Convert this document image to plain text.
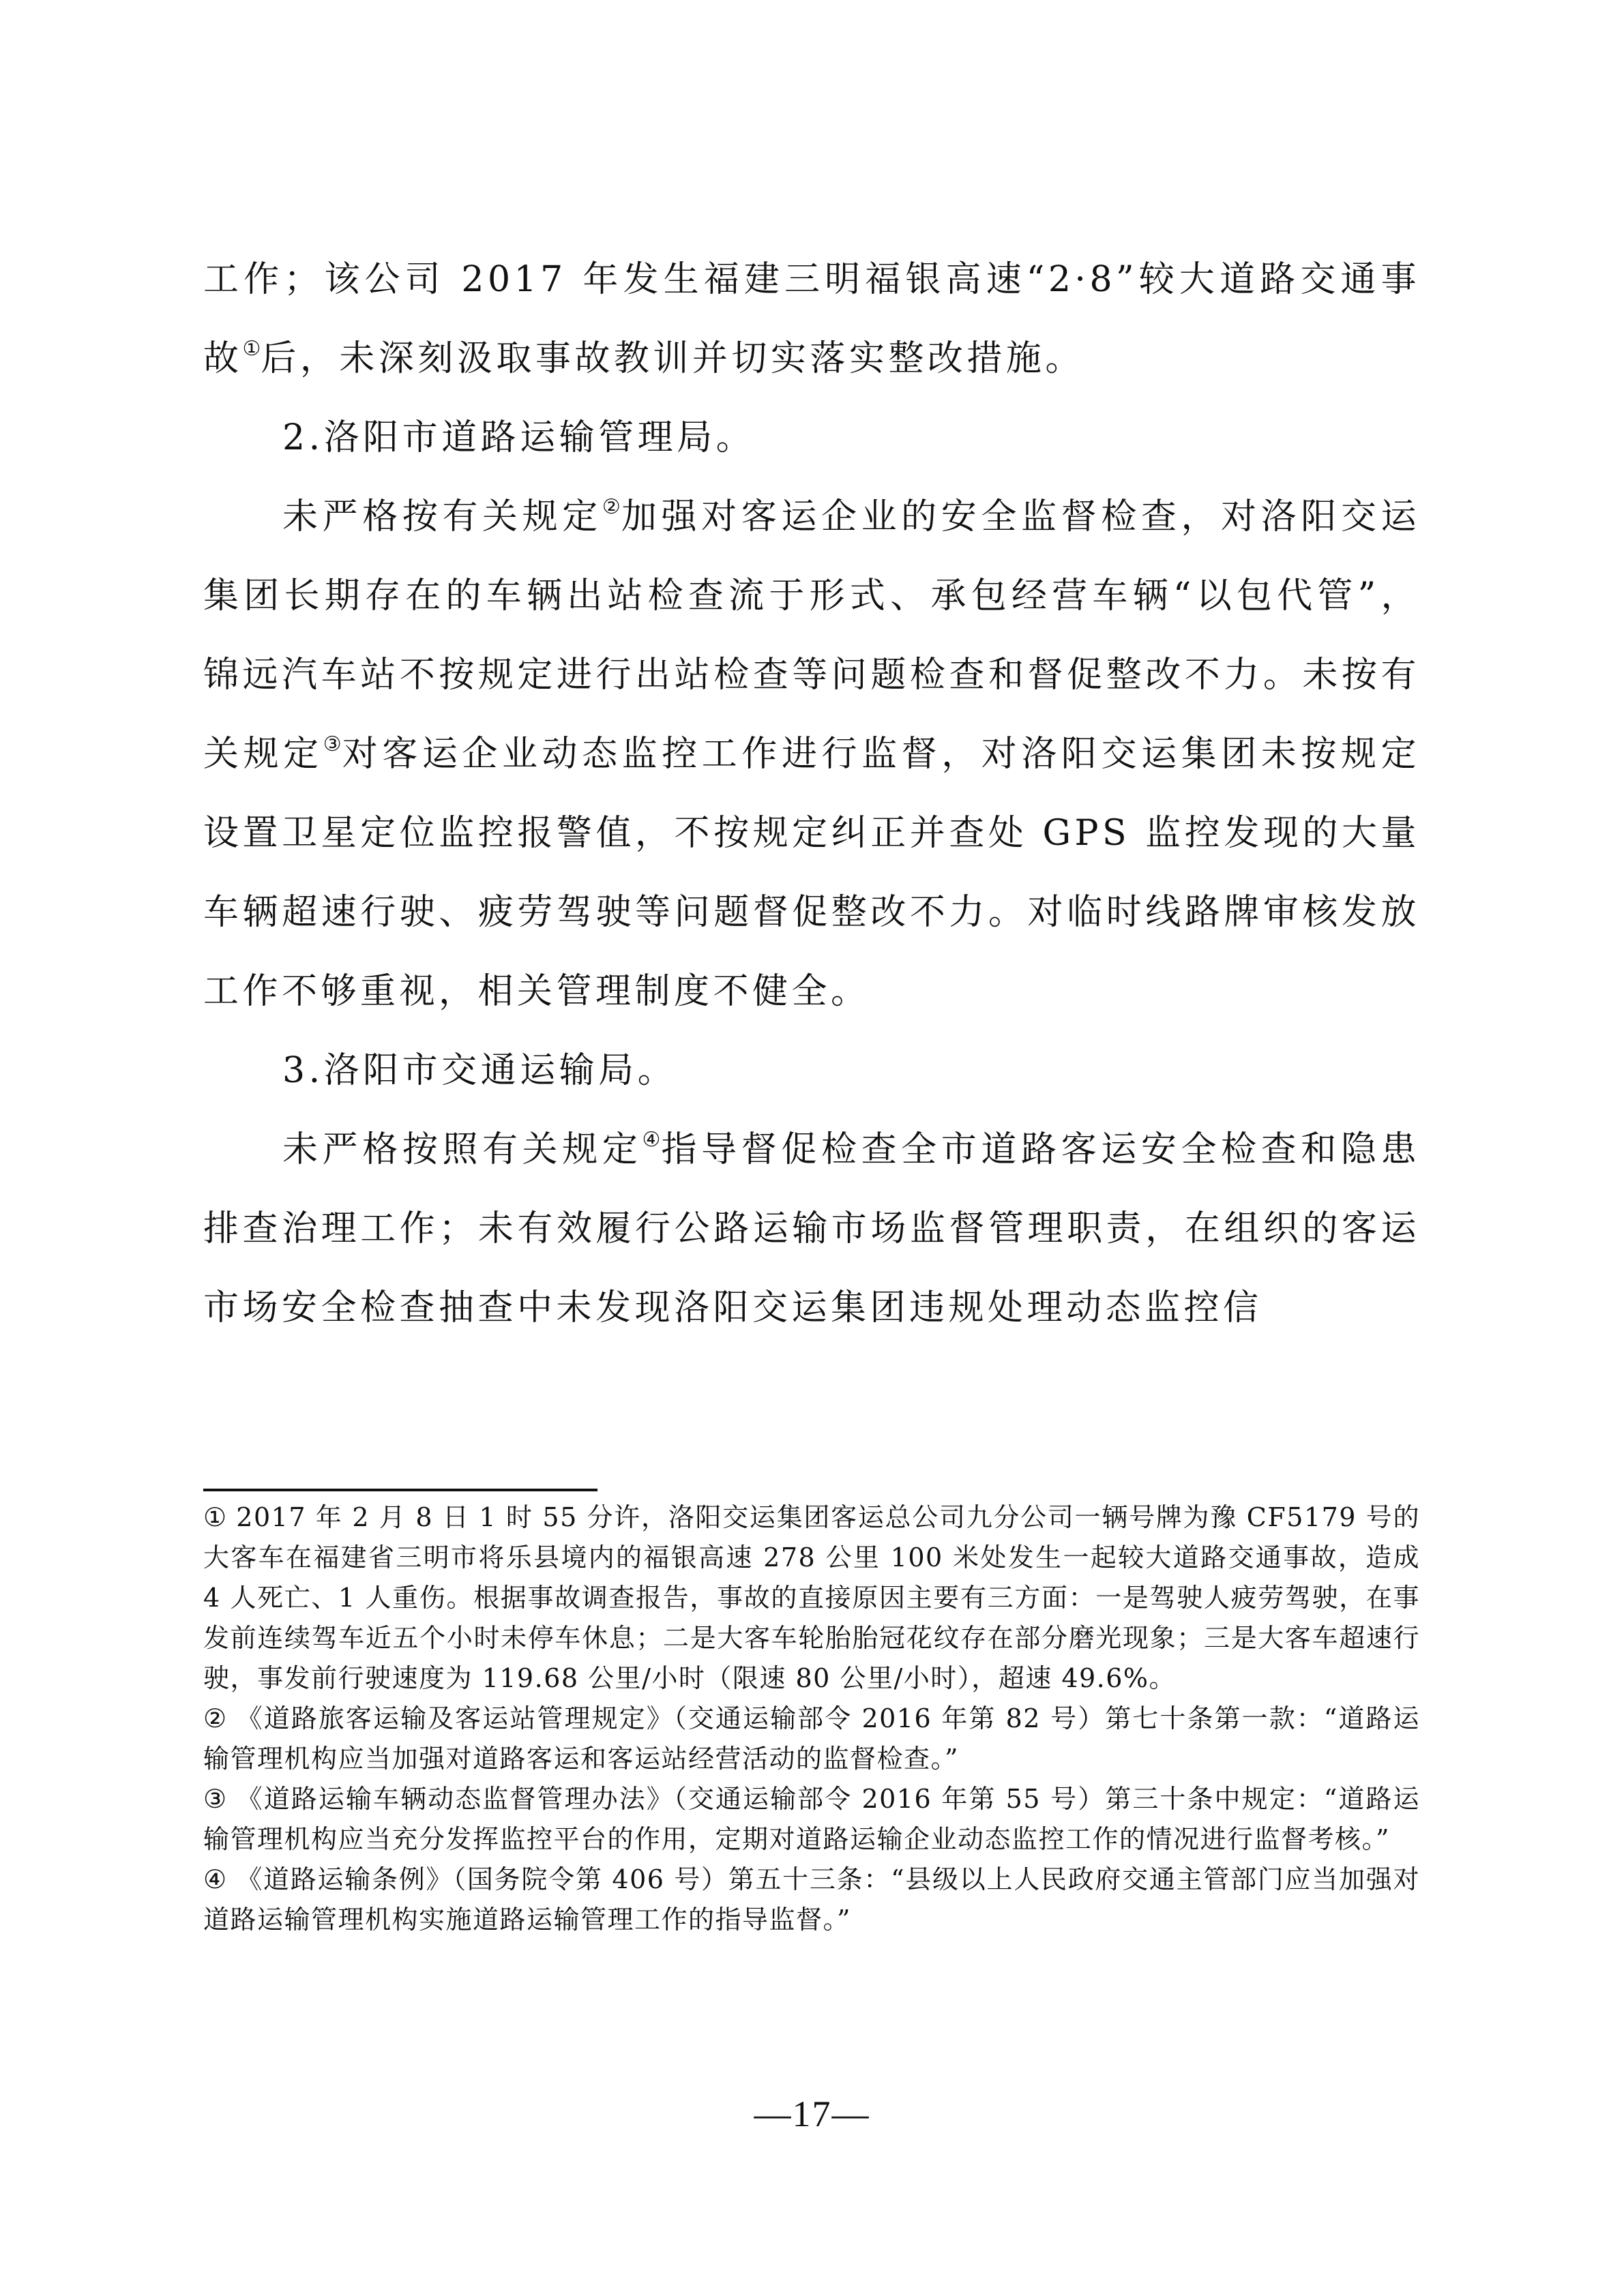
工作；该公司 2017 年发生福建三明福银高速“2·8”较大道路交通事故①后，未深刻汲取事故教训并切实落实整改措施。

2.洛阳市道路运输管理局。

未严格按有关规定②加强对客运企业的安全监督检查，对洛阳交运集团长期存在的车辆出站检查流于形式、承包经营车辆“以包代管”，锦远汽车站不按规定进行出站检查等问题检查和督促整改不力。未按有关规定③对客运企业动态监控工作进行监督，对洛阳交运集团未按规定设置卫星定位监控报警值，不按规定纠正并查处 GPS 监控发现的大量车辆超速行驶、疲劳驾驶等问题督促整改不力。对临时线路牌审核发放工作不够重视，相关管理制度不健全。

3.洛阳市交通运输局。

未严格按照有关规定④指导督促检查全市道路客运安全检查和隐患排查治理工作；未有效履行公路运输市场监督管理职责，在组织的客运市场安全检查抽查中未发现洛阳交运集团违规处理动态监控信

① 2017 年 2 月 8 日 1 时 55 分许，洛阳交运集团客运总公司九分公司一辆号牌为豫 CF5179 号的大客车在福建省三明市将乐县境内的福银高速 278 公里 100 米处发生一起较大道路交通事故，造成 4 人死亡、1 人重伤。根据事故调查报告，事故的直接原因主要有三方面：一是驾驶人疲劳驾驶，在事发前连续驾车近五个小时未停车休息；二是大客车轮胎胎冠花纹存在部分磨光现象；三是大客车超速行驶，事发前行驶速度为 119.68 公里/小时（限速 80 公里/小时），超速 49.6%。

② 《道路旅客运输及客运站管理规定》（交通运输部令 2016 年第 82 号）第七十条第一款：“道路运输管理机构应当加强对道路客运和客运站经营活动的监督检查。”

③ 《道路运输车辆动态监督管理办法》（交通运输部令 2016 年第 55 号）第三十条中规定：“道路运输管理机构应当充分发挥监控平台的作用，定期对道路运输企业动态监控工作的情况进行监督考核。”

④ 《道路运输条例》（国务院令第 406 号）第五十三条：“县级以上人民政府交通主管部门应当加强对道路运输管理机构实施道路运输管理工作的指导监督。”

—17—
